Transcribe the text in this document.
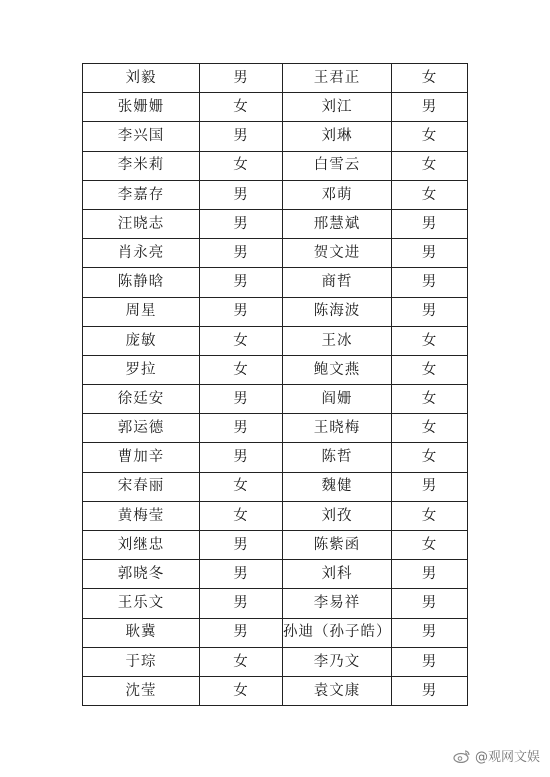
刘毅	男	王君正	女
张姗姗	女	刘江	男
李兴国	男	刘琳	女
李米莉	女	白雪云	女
李嘉存	男	邓萌	女
汪晓志	男	邢慧斌	男
肖永亮	男	贺文进	男
陈静晗	男	商哲	男
周星	男	陈海波	男
庞敏	女	王冰	女
罗拉	女	鲍文燕	女
徐廷安	男	阎姗	女
郭运德	男	王晓梅	女
曹加辛	男	陈哲	女
宋春丽	女	魏健	男
黄梅莹	女	刘孜	女
刘继忠	男	陈紫函	女
郭晓冬	男	刘科	男
王乐文	男	李易祥	男
耿冀	男	孙迪（孙子皓）	男
于琮	女	李乃文	男
沈莹	女	袁文康	男
@观网文娱
